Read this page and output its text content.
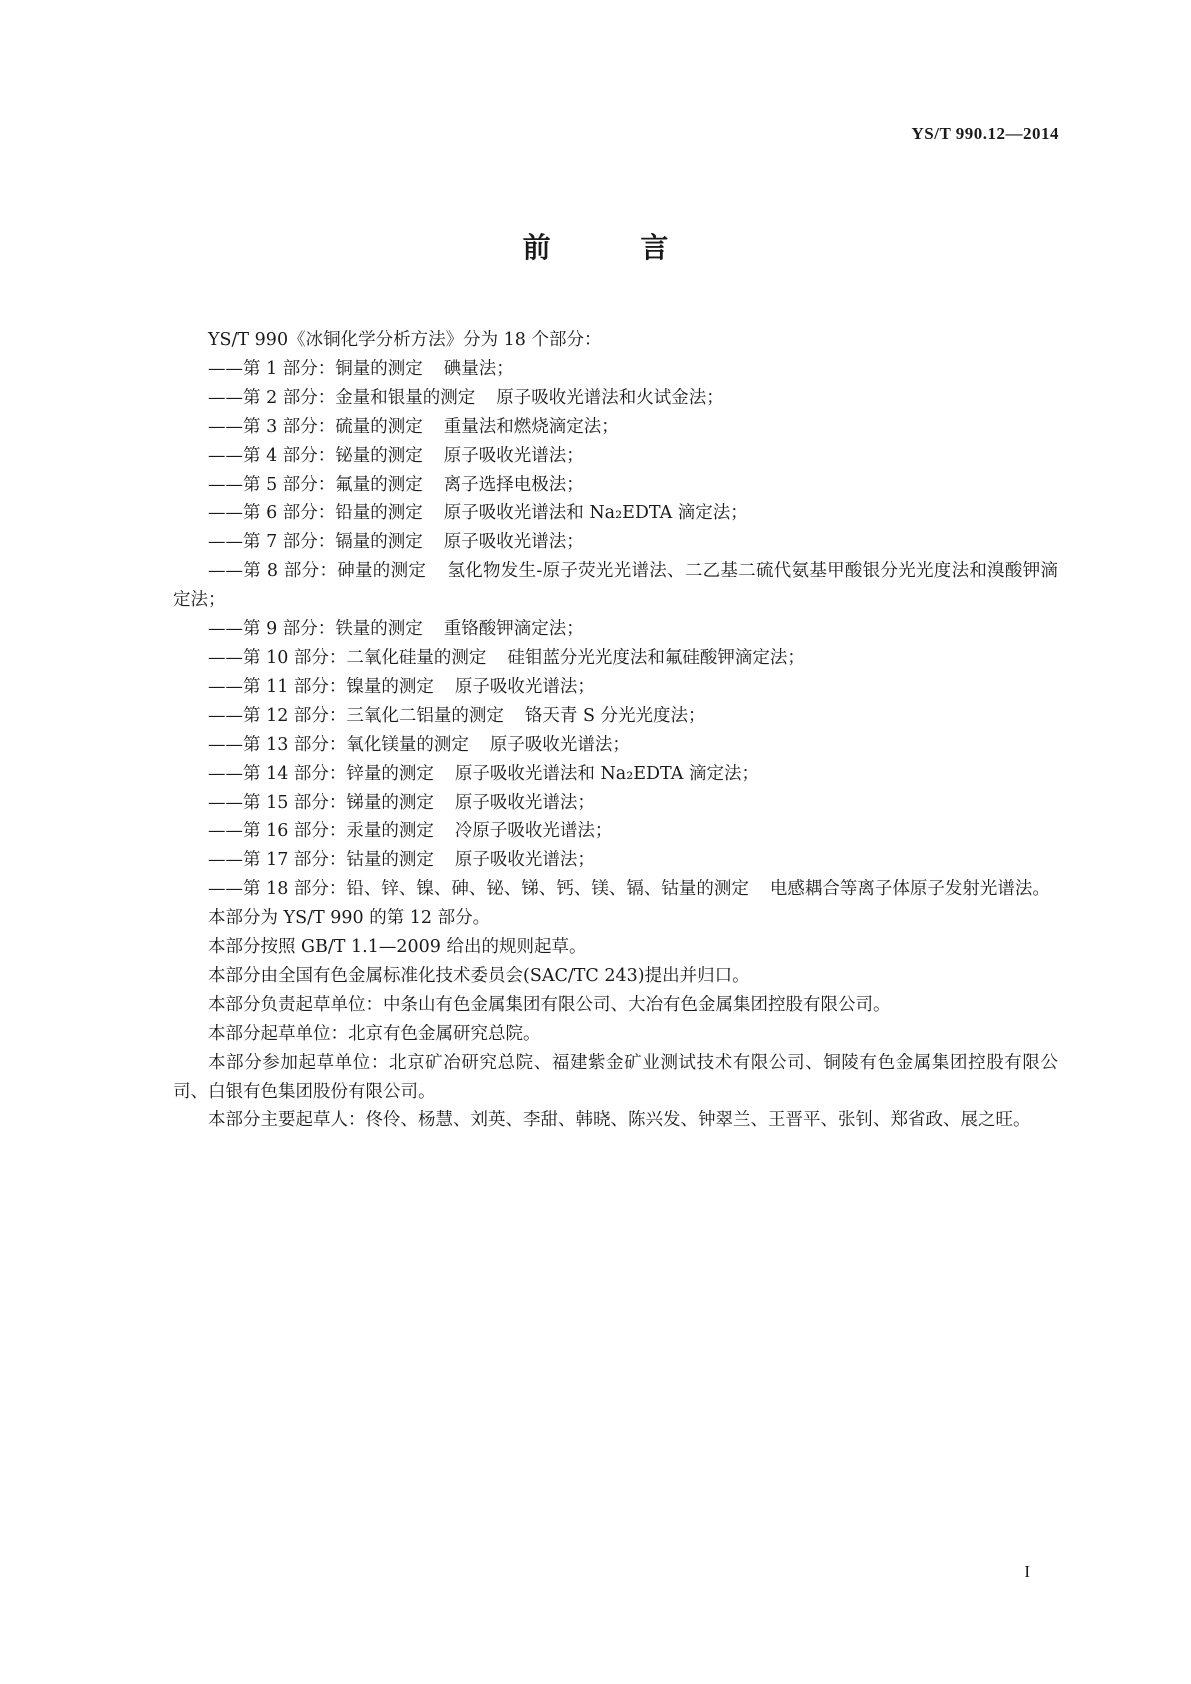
YS/T 990.12—2014
前 言

YS/T 990《冰铜化学分析方法》分为 18 个部分：

——第 1 部分：铜量的测定 碘量法；

——第 2 部分：金量和银量的测定 原子吸收光谱法和火试金法；

——第 3 部分：硫量的测定 重量法和燃烧滴定法；

——第 4 部分：铋量的测定 原子吸收光谱法；

——第 5 部分：氟量的测定 离子选择电极法；

——第 6 部分：铅量的测定 原子吸收光谱法和 Na₂EDTA 滴定法；

——第 7 部分：镉量的测定 原子吸收光谱法；

——第 8 部分：砷量的测定 氢化物发生-原子荧光光谱法、二乙基二硫代氨基甲酸银分光光度法和溴酸钾滴定法；

——第 9 部分：铁量的测定 重铬酸钾滴定法；

——第 10 部分：二氧化硅量的测定 硅钼蓝分光光度法和氟硅酸钾滴定法；

——第 11 部分：镍量的测定 原子吸收光谱法；

——第 12 部分：三氧化二铝量的测定 铬天青 S 分光光度法；

——第 13 部分：氧化镁量的测定 原子吸收光谱法；

——第 14 部分：锌量的测定 原子吸收光谱法和 Na₂EDTA 滴定法；

——第 15 部分：锑量的测定 原子吸收光谱法；

——第 16 部分：汞量的测定 冷原子吸收光谱法；

——第 17 部分：钴量的测定 原子吸收光谱法；

——第 18 部分：铅、锌、镍、砷、铋、锑、钙、镁、镉、钴量的测定 电感耦合等离子体原子发射光谱法。

本部分为 YS/T 990 的第 12 部分。

本部分按照 GB/T 1.1—2009 给出的规则起草。

本部分由全国有色金属标准化技术委员会(SAC/TC 243)提出并归口。

本部分负责起草单位：中条山有色金属集团有限公司、大冶有色金属集团控股有限公司。

本部分起草单位：北京有色金属研究总院。

本部分参加起草单位：北京矿冶研究总院、福建紫金矿业测试技术有限公司、铜陵有色金属集团控股有限公司、白银有色集团股份有限公司。

本部分主要起草人：佟伶、杨慧、刘英、李甜、韩晓、陈兴发、钟翠兰、王晋平、张钊、郑省政、展之旺。

I
